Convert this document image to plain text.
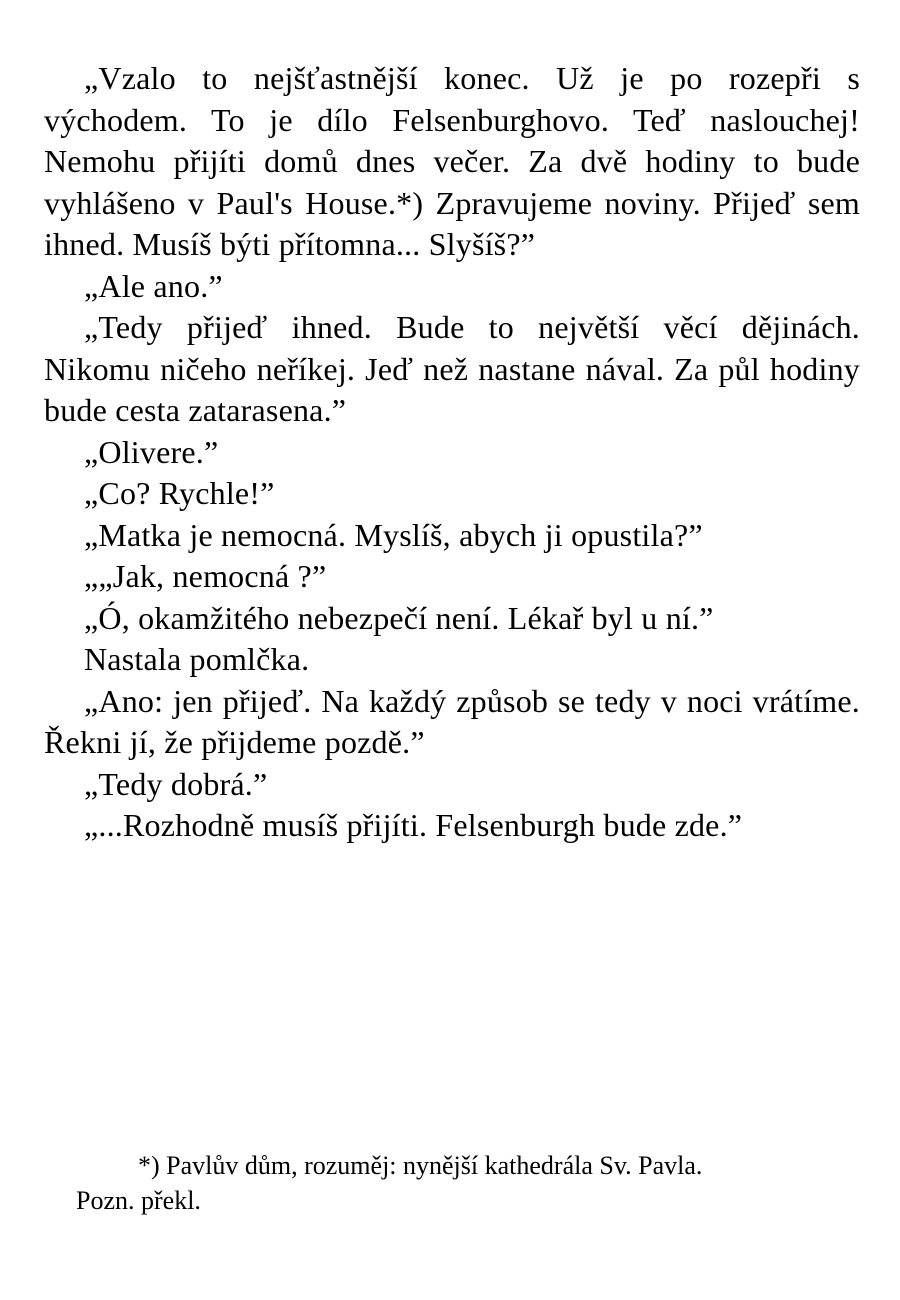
„Vzalo to nejšťastnější konec. Už je po rozepři s východem. To je dílo Felsenburghovo. Teď naslouchej! Nemohu přijíti domů dnes večer. Za dvě hodiny to bude vyhlášeno v Paul's House.*) Zpravujeme noviny. Přijeď sem ihned. Musíš býti přítomna... Slyšíš?”

„Ale ano.”

„Tedy přijeď ihned. Bude to největší věcí dějinách. Nikomu ničeho neříkej. Jeď než nastane nával. Za půl hodiny bude cesta zatarasena.”

„Olivere.”

„Co? Rychle!”

„Matka je nemocná. Myslíš, abych ji opustila?”

„„Jak, nemocná ?”

„Ó, okamžitého nebezpečí není. Lékař byl u ní.”

Nastala pomlčka.

„Ano: jen přijeď. Na každý způsob se tedy v noci vrátíme. Řekni jí, že přijdeme pozdě.”

„Tedy dobrá.”

„...Rozhodně musíš přijíti. Felsenburgh bude zde.”

*) Pavlův dům, rozuměj: nynější kathedrála Sv. Pavla.

Pozn. překl.
